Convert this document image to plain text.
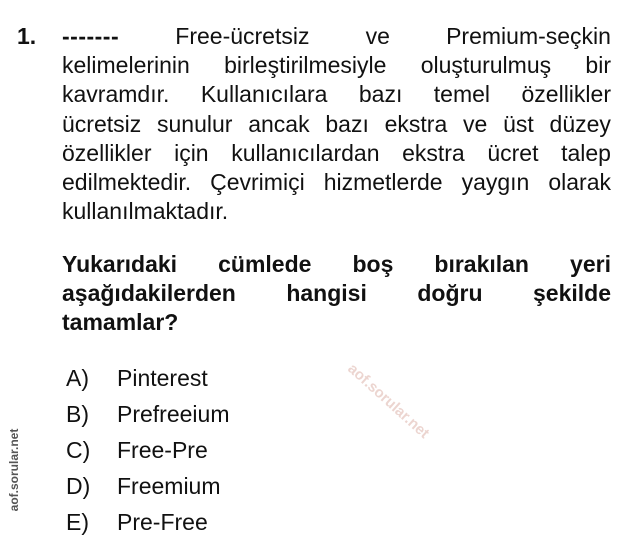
1. ------- Free-ücretsiz ve Premium-seçkin
kelimelerinin birleştirilmesiyle oluşturulmuş bir
kavramdır. Kullanıcılara bazı temel özellikler
ücretsiz sunulur ancak bazı ekstra ve üst düzey
özellikler için kullanıcılardan ekstra ücret talep
edilmektedir. Çevrimiçi hizmetlerde yaygın olarak
kullanılmaktadır.
Yukarıdaki cümlede boş bırakılan yeri
aşağıdakilerden hangisi doğru şekilde
tamamlar?
A)	Pinterest
B)	Prefreeium
C)	Free-Pre
D)	Freemium
E)	Pre-Free
aof.sorular.net
aof.sorular.net
